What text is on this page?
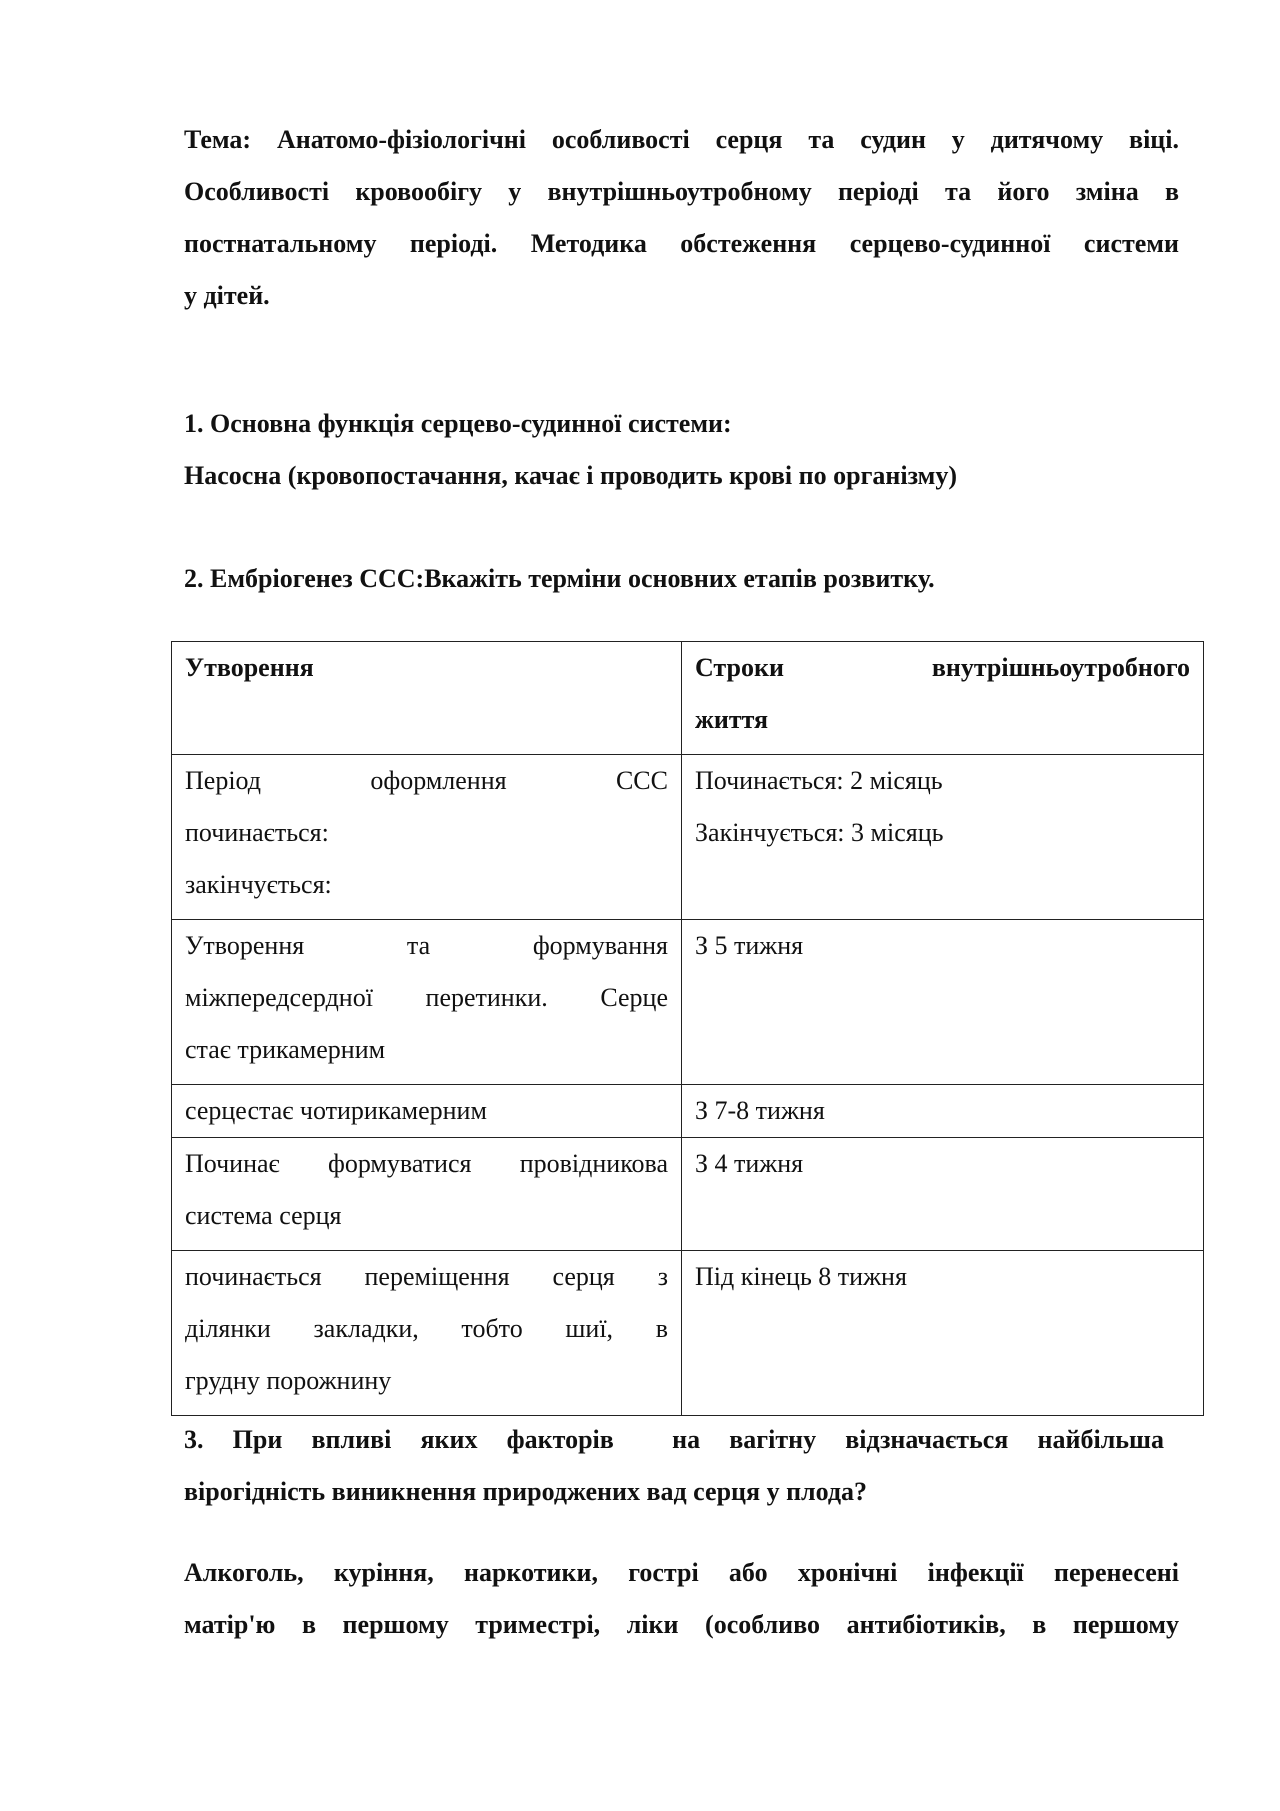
Тема: Анатомо-фізіологічні особливості серця та судин у дитячому віці.
Особливості кровообігу у внутрішньоутробному періоді та його зміна в
постнатальному періоді. Методика обстеження серцево-судинної системи
у дітей.
1. Основна функція серцево-судинної системи:
Насосна (кровопостачання, качає і проводить крові по організму)
2. Ембріогенез ССС:Вкажіть терміни основних етапів розвитку.
Утворення	Строки внутрішньоутробного
життя

Період оформлення ССС
починається:
закінчується:	Починається: 2 місяць
Закінчується: 3 місяць

Утворення та формування
міжпередсердної перетинки. Серце
стає трикамерним	З 5 тижня

серцестає чотирикамерним	З 7-8 тижня

Починає формуватися провідникова
система серця	З 4 тижня

починається переміщення серця з
ділянки закладки, тобто шиї, в
грудну порожнину	Під кінець 8 тижня
3. При впливі яких факторів  на вагітну відзначається найбільша
вірогідність виникнення природжених вад серця у плода?
Алкоголь, куріння, наркотики, гострі або хронічні інфекції перенесені
матір'ю в першому триместрі, ліки (особливо антибіотиків, в першому
